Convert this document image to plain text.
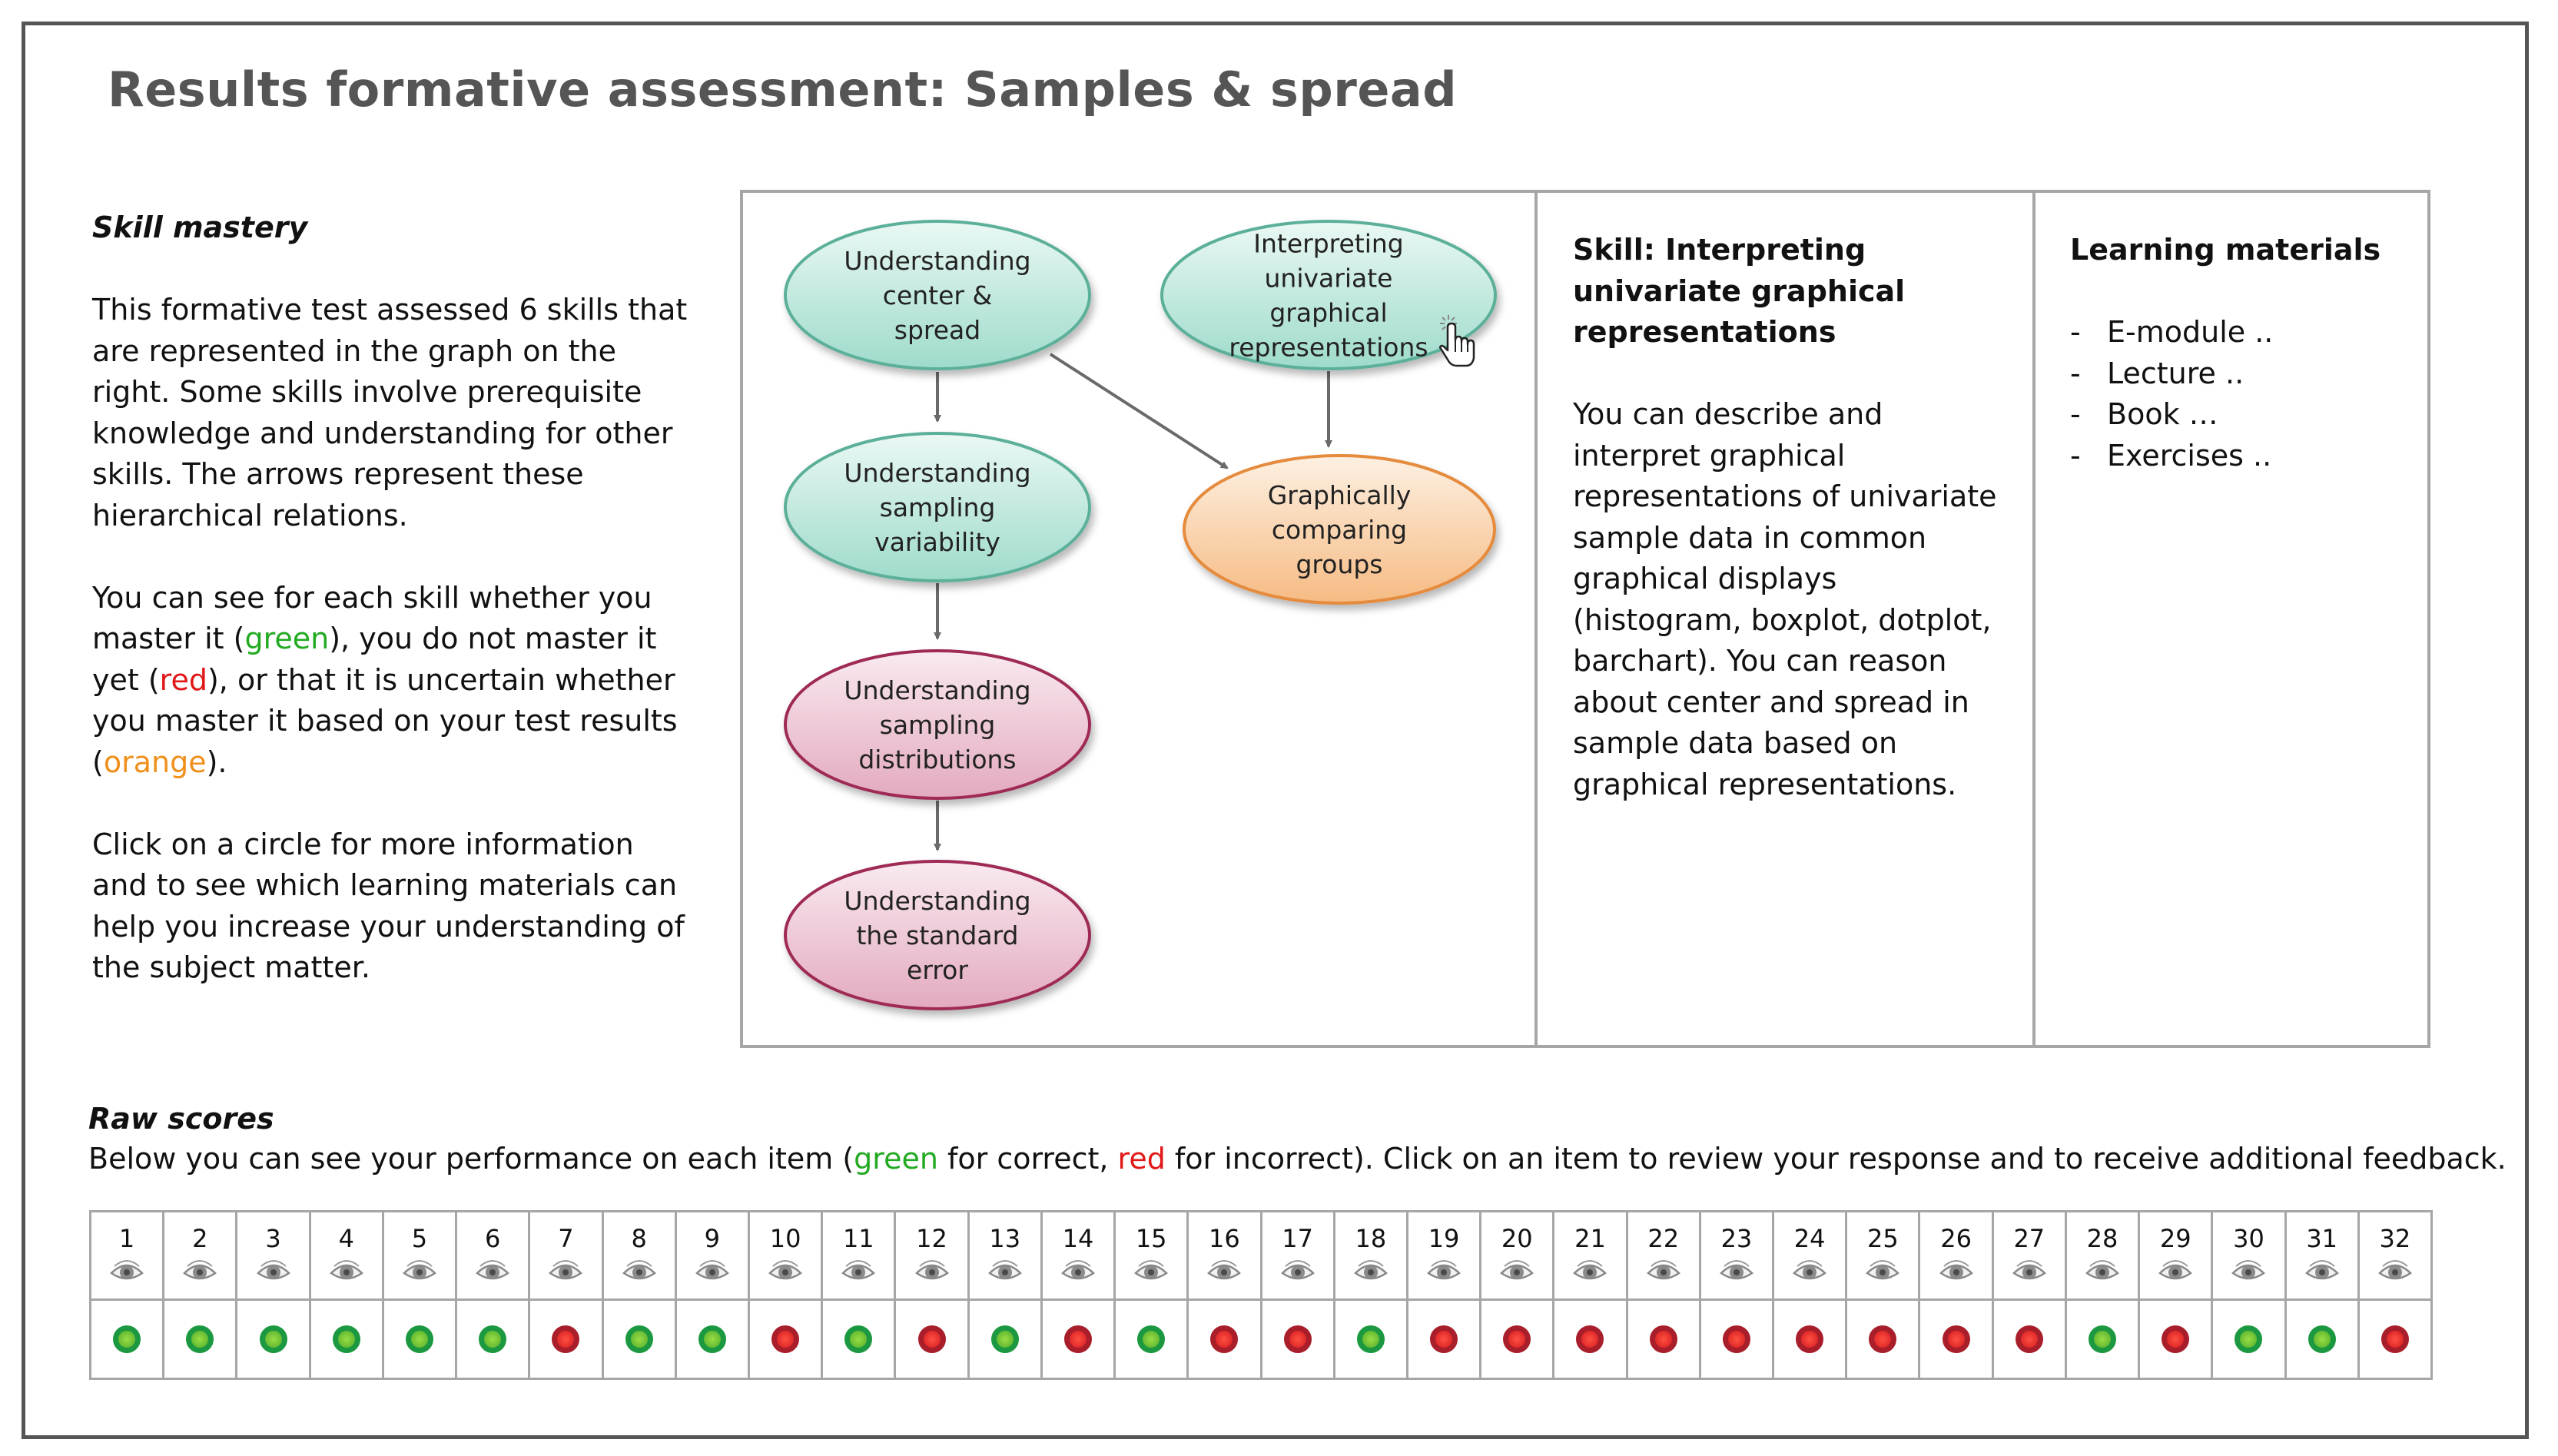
Results formative assessment: Samples & spread

Skill mastery

This formative test assessed 6 skills that are represented in the graph on the right. Some skills involve prerequisite knowledge and understanding for other skills. The arrows represent these hierarchical relations.

You can see for each skill whether you master it (green), you do not master it yet (red), or that it is uncertain whether you master it based on your test results (orange).

Click on a circle for more information and to see which learning materials can help you increase your understanding of the subject matter.

Understanding
center &
spread
Interpreting
univariate
graphical
representations
Understanding
sampling
variability
Graphically
comparing
groups
Understanding
sampling
distributions
Understanding
the standard
error

Skill: Interpreting univariate graphical representations

You can describe and interpret graphical representations of univariate sample data in common graphical displays (histogram, boxplot, dotplot, barchart). You can reason about center and spread in sample data based on graphical representations.

Learning materials

- E-module ..
- Lecture ..
- Book …
- Exercises ..
Raw scores
Below you can see your performance on each item (green for correct, red for incorrect). Click on an item to review your response and to receive additional feedback.
1	2	3	4	5	6	7	8	9	10	11	12	13	14	15	16	17	18	19	20	21	22	23	24	25	26	27	28	29	30	31	32
